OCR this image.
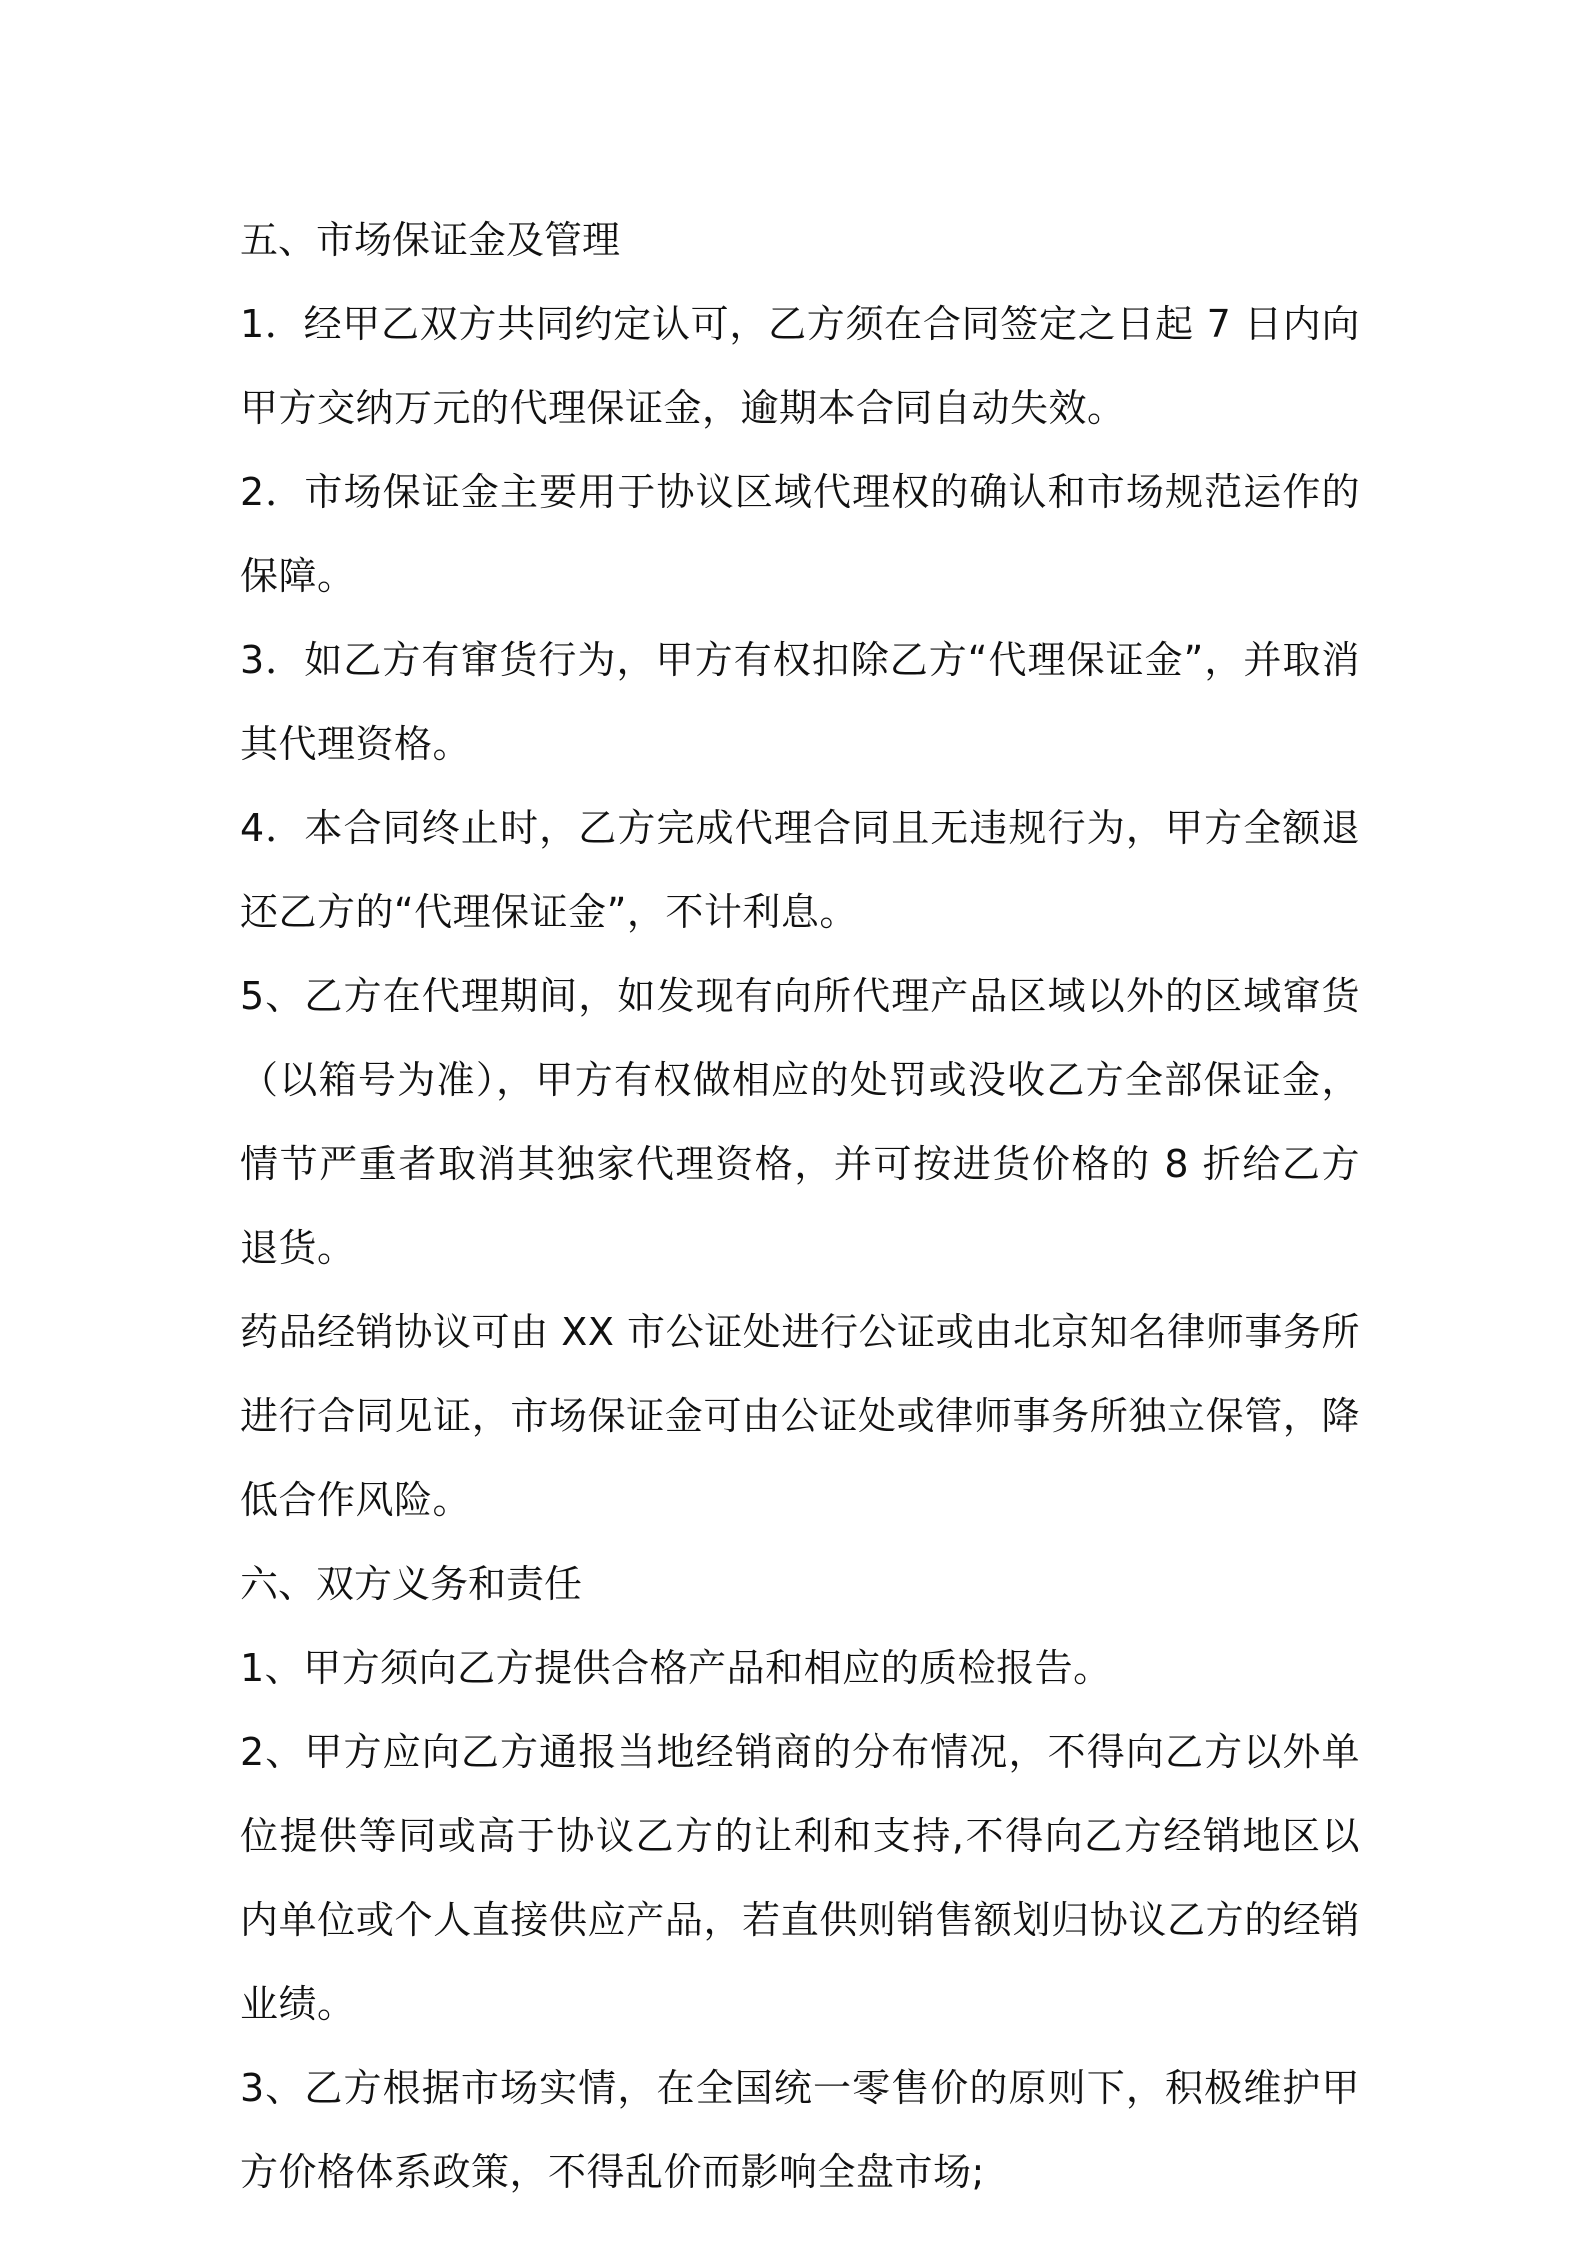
五、市场保证金及管理

1．经甲乙双方共同约定认可，乙方须在合同签定之日起 7 日内向甲方交纳万元的代理保证金，逾期本合同自动失效。

2．市场保证金主要用于协议区域代理权的确认和市场规范运作的保障。

3．如乙方有窜货行为，甲方有权扣除乙方“代理保证金”，并取消其代理资格。

4．本合同终止时，乙方完成代理合同且无违规行为，甲方全额退还乙方的“代理保证金”，不计利息。

5、乙方在代理期间，如发现有向所代理产品区域以外的区域窜货（以箱号为准），甲方有权做相应的处罚或没收乙方全部保证金，情节严重者取消其独家代理资格，并可按进货价格的 8 折给乙方退货。

药品经销协议可由 XX 市公证处进行公证或由北京知名律师事务所进行合同见证，市场保证金可由公证处或律师事务所独立保管，降低合作风险。

六、双方义务和责任

1、甲方须向乙方提供合格产品和相应的质检报告。

2、甲方应向乙方通报当地经销商的分布情况，不得向乙方以外单位提供等同或高于协议乙方的让利和支持,不得向乙方经销地区以内单位或个人直接供应产品，若直供则销售额划归协议乙方的经销业绩。

3、乙方根据市场实情，在全国统一零售价的原则下，积极维护甲方价格体系政策，不得乱价而影响全盘市场;
